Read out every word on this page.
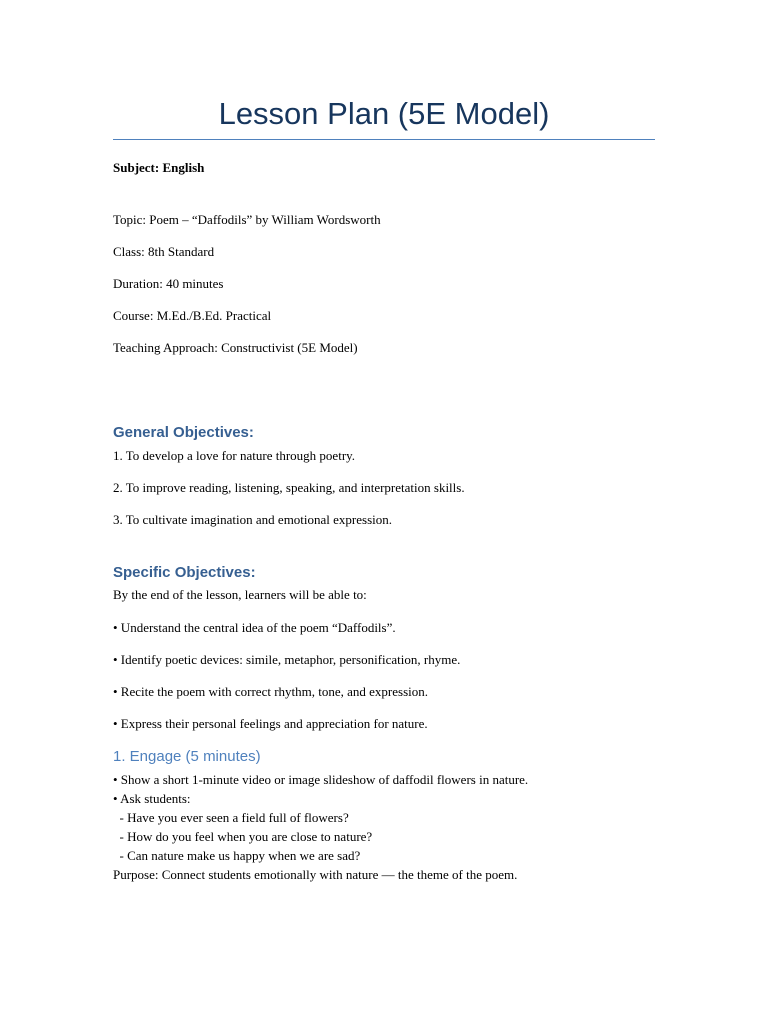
Lesson Plan (5E Model)
Subject: English
Topic: Poem – “Daffodils” by William Wordsworth
Class: 8th Standard
Duration: 40 minutes
Course: M.Ed./B.Ed. Practical
Teaching Approach: Constructivist (5E Model)
General Objectives:
1. To develop a love for nature through poetry.
2. To improve reading, listening, speaking, and interpretation skills.
3. To cultivate imagination and emotional expression.
Specific Objectives:
By the end of the lesson, learners will be able to:
• Understand the central idea of the poem “Daffodils”.
• Identify poetic devices: simile, metaphor, personification, rhyme.
• Recite the poem with correct rhythm, tone, and expression.
• Express their personal feelings and appreciation for nature.
1. Engage (5 minutes)
• Show a short 1-minute video or image slideshow of daffodil flowers in nature.
• Ask students:
- Have you ever seen a field full of flowers?
- How do you feel when you are close to nature?
- Can nature make us happy when we are sad?
Purpose: Connect students emotionally with nature — the theme of the poem.
